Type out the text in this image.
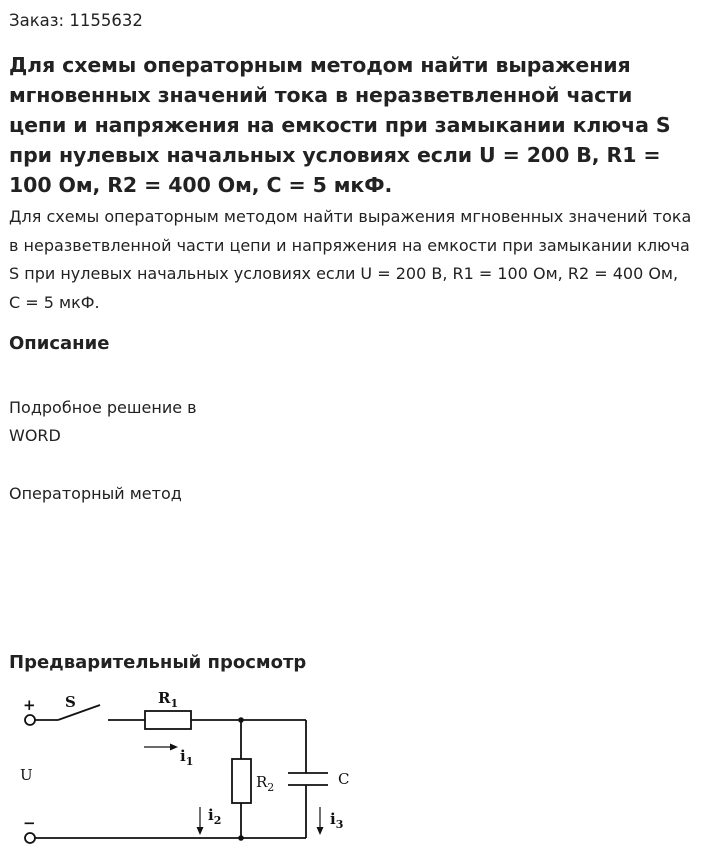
Заказ: 1155632
Для схемы операторным методом найти выражения мгновенных значений тока в неразветвленной части цепи и напряжения на емкости при замыкании ключа S при нулевых начальных условиях если U = 200 В, R1 = 100 Ом, R2 = 400 Ом, С = 5 мкФ.
Для схемы операторным методом найти выражения мгновенных значений тока в неразветвленной части цепи и напряжения на емкости при замыкании ключа S при нулевых начальных условиях если U = 200 В, R1 = 100 Ом, R2 = 400 Ом, С = 5 мкФ.
Описание
Подробное решение в
WORD
Операторный метод
Предварительный просмотр
+
−
S
U
$R_1$
$R_2$	C
$i_1$
$i_2$	$i_3$
